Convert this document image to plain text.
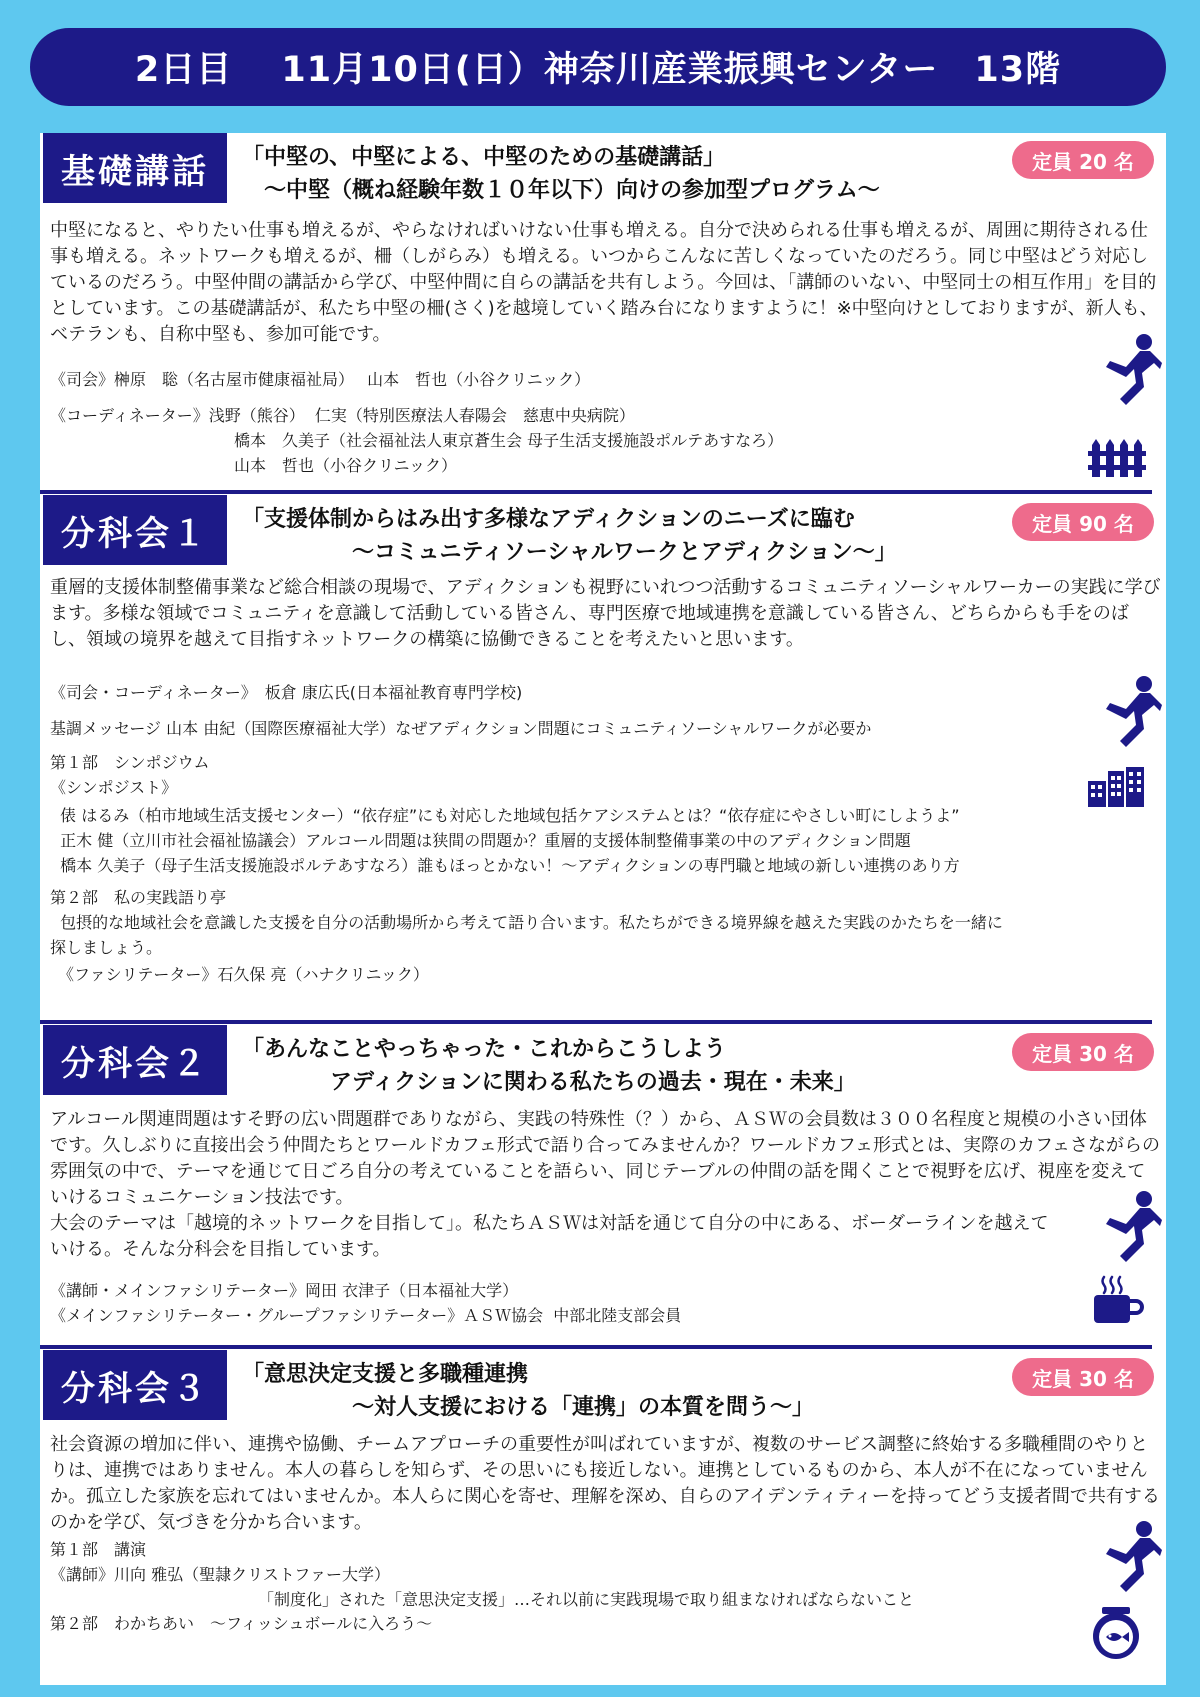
2日目　 11月10日(日）神奈川産業振興センター　13階
基礎講話	「中堅の、中堅による、中堅のための基礎講話」
　～中堅（概ね経験年数１０年以下）向けの参加型プログラム～
定員 20 名
中堅になると、やりたい仕事も増えるが、やらなければいけない仕事も増える。自分で決められる仕事も増えるが、周囲に期待される仕事も増える。ネットワークも増えるが、柵（しがらみ）も増える。いつからこんなに苦しくなっていたのだろう。同じ中堅はどう対応しているのだろう。中堅仲間の講話から学び、中堅仲間に自らの講話を共有しよう。今回は、「講師のいない、中堅同士の相互作用」を目的としています。この基礎講話が、私たち中堅の柵(さく)を越境していく踏み台になりますように！※中堅向けとしておりますが、新人も、ベテランも、自称中堅も、参加可能です。
《司会》榊原　聡（名古屋市健康福祉局）　 山本　哲也（小谷クリニック）
《コーディネーター》浅野（熊谷）  仁実（特別医療法人春陽会　慈恵中央病院）
橋本　久美子（社会福祉法人東京蒼生会 母子生活支援施設ポルテあすなろ）
山本　哲也（小谷クリニック）
分科会１	「支援体制からはみ出す多様なアディクションのニーズに臨む
　　　　　～コミュニティソーシャルワークとアディクション～」
定員 90 名
重層的支援体制整備事業など総合相談の現場で、アディクションも視野にいれつつ活動するコミュニティソーシャルワーカーの実践に学びます。多様な領域でコミュニティを意識して活動している皆さん、専門医療で地域連携を意識している皆さん、どちらからも手をのばし、領域の境界を越えて目指すネットワークの構築に協働できることを考えたいと思います。
《司会・コーディネーター》　板倉 康広氏(日本福祉教育専門学校)
基調メッセージ 山本 由紀（国際医療福祉大学）なぜアディクション問題にコミュニティソーシャルワークが必要か
第１部　シンポジウム
《シンポジスト》
俵 はるみ（柏市地域生活支援センター）“依存症”にも対応した地域包括ケアシステムとは？“依存症にやさしい町にしようよ”
正木 健（立川市社会福祉協議会）アルコール問題は狭間の問題か？重層的支援体制整備事業の中のアディクション問題
橋本 久美子（母子生活支援施設ポルテあすなろ）誰もほっとかない！～アディクションの専門職と地域の新しい連携のあり方
第２部　私の実践語り亭
包摂的な地域社会を意識した支援を自分の活動場所から考えて語り合います。私たちができる境界線を越えた実践のかたちを一緒に
探しましょう。
　《ファシリテーター》石久保 亮（ハナクリニック）
分科会２	「あんなことやっちゃった・これからこうしよう
　　　　アディクションに関わる私たちの過去・現在・未来」
定員 30 名
アルコール関連問題はすそ野の広い問題群でありながら、実践の特殊性（？）から、ＡＳＷの会員数は３００名程度と規模の小さい団体です。久しぶりに直接出会う仲間たちとワールドカフェ形式で語り合ってみませんか？ワールドカフェ形式とは、実際のカフェさながらの雰囲気の中で、テーマを通じて日ごろ自分の考えていることを語らい、同じテーブルの仲間の話を聞くことで視野を広げ、視座を変えていけるコミュニケーション技法です。
大会のテーマは「越境的ネットワークを目指して」。私たちＡＳＷは対話を通じて自分の中にある、ボーダーラインを越えていける。そんな分科会を目指しています。
《講師・メインファシリテーター》岡田 衣津子（日本福祉大学）
《メインファシリテーター・グループファシリテーター》ＡＳＷ協会  中部北陸支部会員
分科会３	「意思決定支援と多職種連携
　　　　　～対人支援における「連携」の本質を問う～」
定員 30 名
社会資源の増加に伴い、連携や協働、チームアプローチの重要性が叫ばれていますが、複数のサービス調整に終始する多職種間のやりとりは、連携ではありません。本人の暮らしを知らず、その思いにも接近しない。連携としているものから、本人が不在になっていませんか。孤立した家族を忘れてはいませんか。本人らに関心を寄せ、理解を深め、自らのアイデンティティーを持ってどう支援者間で共有するのかを学び、気づきを分かち合います。
第１部　講演
《講師》川向 雅弘（聖隷クリストファー大学）
「制度化」された「意思決定支援」…それ以前に実践現場で取り組まなければならないこと
第２部　わかちあい　～フィッシュボールに入ろう～
